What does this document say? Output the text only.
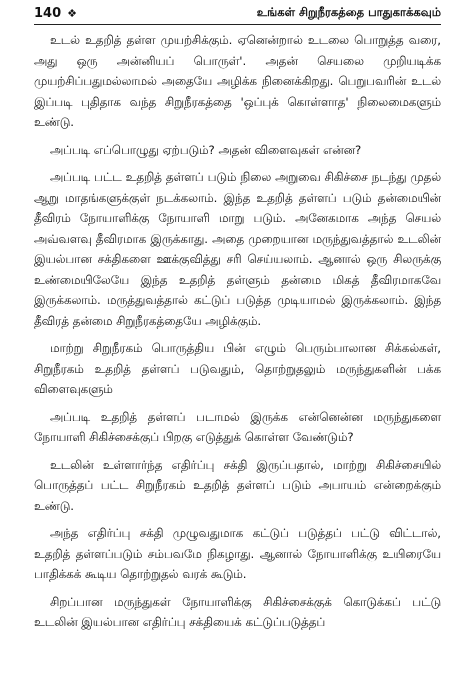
140 ❖	உங்கள் சிறுநீரகத்தை பாதுகாக்கவும்

உடல் உதறித் தள்ள முயற்சிக்கும். ஏனென்றால் உடலை பொறுத்த வரை, அது ஒரு அன்னியப் பொருள்'. அதன் செயலை முறியடிக்க முயற்சிப்பதுமல்லாமல் அதையே அழிக்க நினைக்கிறது. பெறுபவரின் உடல் இப்படி புதிதாக வந்த சிறுநீரகத்தை 'ஒப்புக் கொள்ளாத' நிலைமைகளும் உண்டு.

அப்படி எப்பொழுது ஏற்படும்? அதன் விளைவுகள் என்ன?

அப்படி பட்ட உதறித் தள்ளப் படும் நிலை அறுவை சிகிச்சை நடந்து முதல் ஆறு மாதங்களுக்குள் நடக்கலாம். இந்த உதறித் தள்ளப் படும் தன்மையின் தீவிரம் நோயாளிக்கு நோயாளி மாறு படும். அனேகமாக அந்த செயல் அவ்வளவு தீவிரமாக இருக்காது. அதை முறையான மருந்துவத்தால் உடலின் இயல்பான சக்திகளை ஊக்குவித்து சரி செய்யலாம். ஆனால் ஒரு சிலருக்கு உண்மையிலேயே இந்த உதறித் தள்ளும் தன்மை மிகத் தீவிரமாகவே இருக்கலாம். மருத்துவத்தால் கட்டுப் படுத்த முடியாமல் இருக்கலாம். இந்த தீவிரத் தன்மை சிறுநீரகத்தையே அழிக்கும்.

மாற்று சிறுநீரகம் பொருத்திய பின் எழும் பெரும்பாலான சிக்கல்கள், சிறுநீரகம் உதறித் தள்ளப் படுவதும், தொற்றுதலும் மருந்துகளின் பக்க விளைவுகளும்

அப்படி உதறித் தள்ளப் படாமல் இருக்க என்னென்ன மருந்துகளை நோயாளி சிகிச்சைக்குப் பிறகு எடுத்துக் கொள்ள வேண்டும்?

உடலின் உள்ளார்ந்த எதிர்ப்பு சக்தி இருப்பதால், மாற்று சிகிச்சையில் பொருத்தப் பட்ட சிறுநீரகம் உதறித் தள்ளப் படும் அபாயம் என்றைக்கும் உண்டு.

அந்த எதிர்ப்பு சக்தி முழுவதுமாக கட்டுப் படுத்தப் பட்டு விட்டால், உதறித் தள்ளப்படும் சம்பவமே நிகழாது. ஆனால் நோயாளிக்கு உயிரையே பாதிக்கக் கூடிய தொற்றுதல் வரக் கூடும்.

சிறப்பான மருந்துகள் நோயாளிக்கு சிகிச்சைக்குக் கொடுக்கப் பட்டு உடலின் இயல்பான எதிர்ப்பு சக்தியைக் கட்டுப்படுத்தப்
